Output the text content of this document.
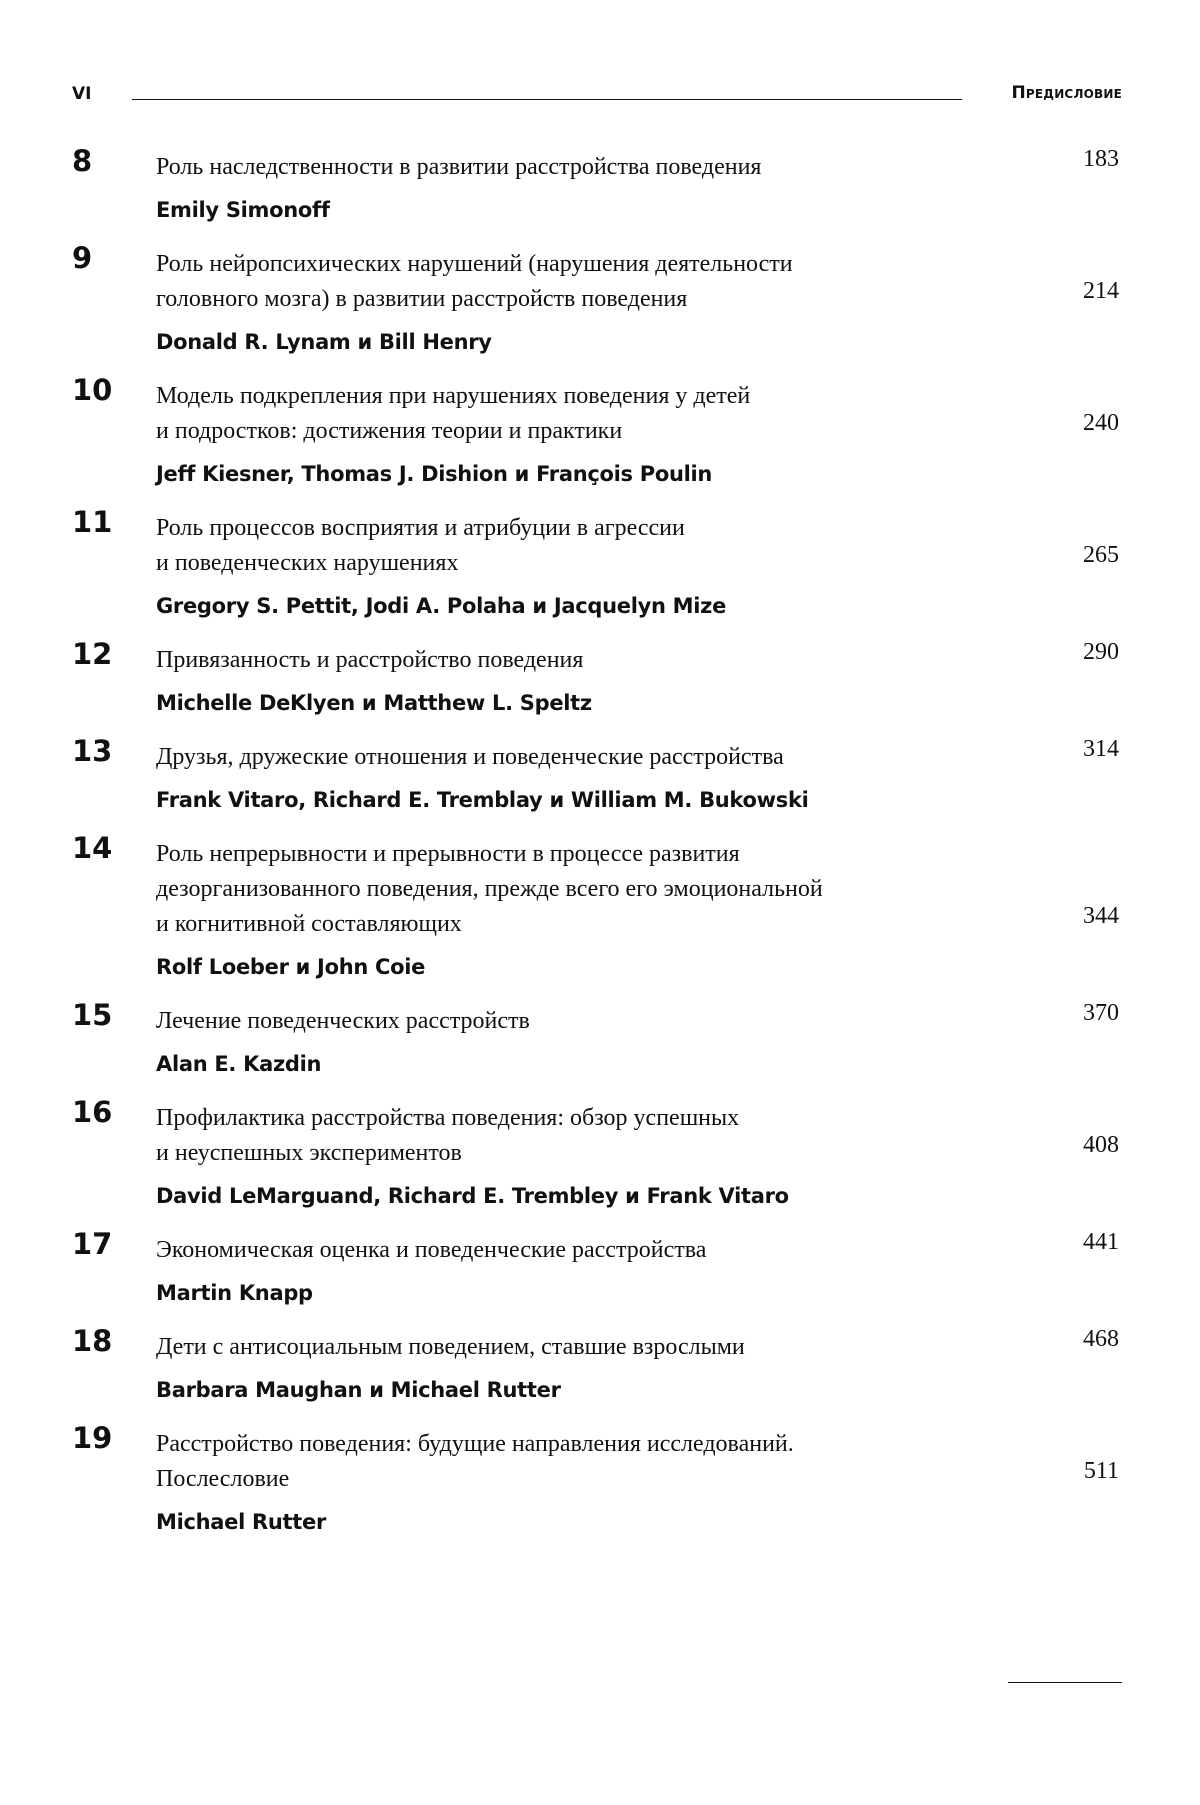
VI	Предисловие
8	Роль наследственности в развитии расстройства поведения	183
Emily Simonoff
9	Роль нейропсихических нарушений (нарушения деятельности
головного мозга) в развитии расстройств поведения	214
Donald R. Lynam и Bill Henry
10 Модель подкрепления при нарушениях поведения у детей
и подростков: достижения теории и практики	240
Jeff Kiesner, Thomas J. Dishion и François Poulin
11 Роль процессов восприятия и атрибуции в агрессии
и поведенческих нарушениях	265
Gregory S. Pettit, Jodi A. Polaha и Jacquelyn Mize
12 Привязанность и расстройство поведения	290
Michelle DeKlyen и Matthew L. Speltz
13 Друзья, дружеские отношения и поведенческие расстройства	314
Frank Vitaro, Richard E. Tremblay и William M. Bukowski
14 Роль непрерывности и прерывности в процессе развития
дезорганизованного поведения, прежде всего его эмоциональной
и когнитивной составляющих	344
Rolf Loeber и John Coie
15 Лечение поведенческих расстройств	370
Alan E. Kazdin
16 Профилактика расстройства поведения: обзор успешных
и неуспешных экспериментов	408
David LeMarguand, Richard E. Trembley и Frank Vitaro
17 Экономическая оценка и поведенческие расстройства	441
Martin Knapp
18 Дети с антисоциальным поведением, ставшие взрослыми	468
Barbara Maughan и Michael Rutter
19 Расстройство поведения: будущие направления исследований.
Послесловие	511
Michael Rutter
